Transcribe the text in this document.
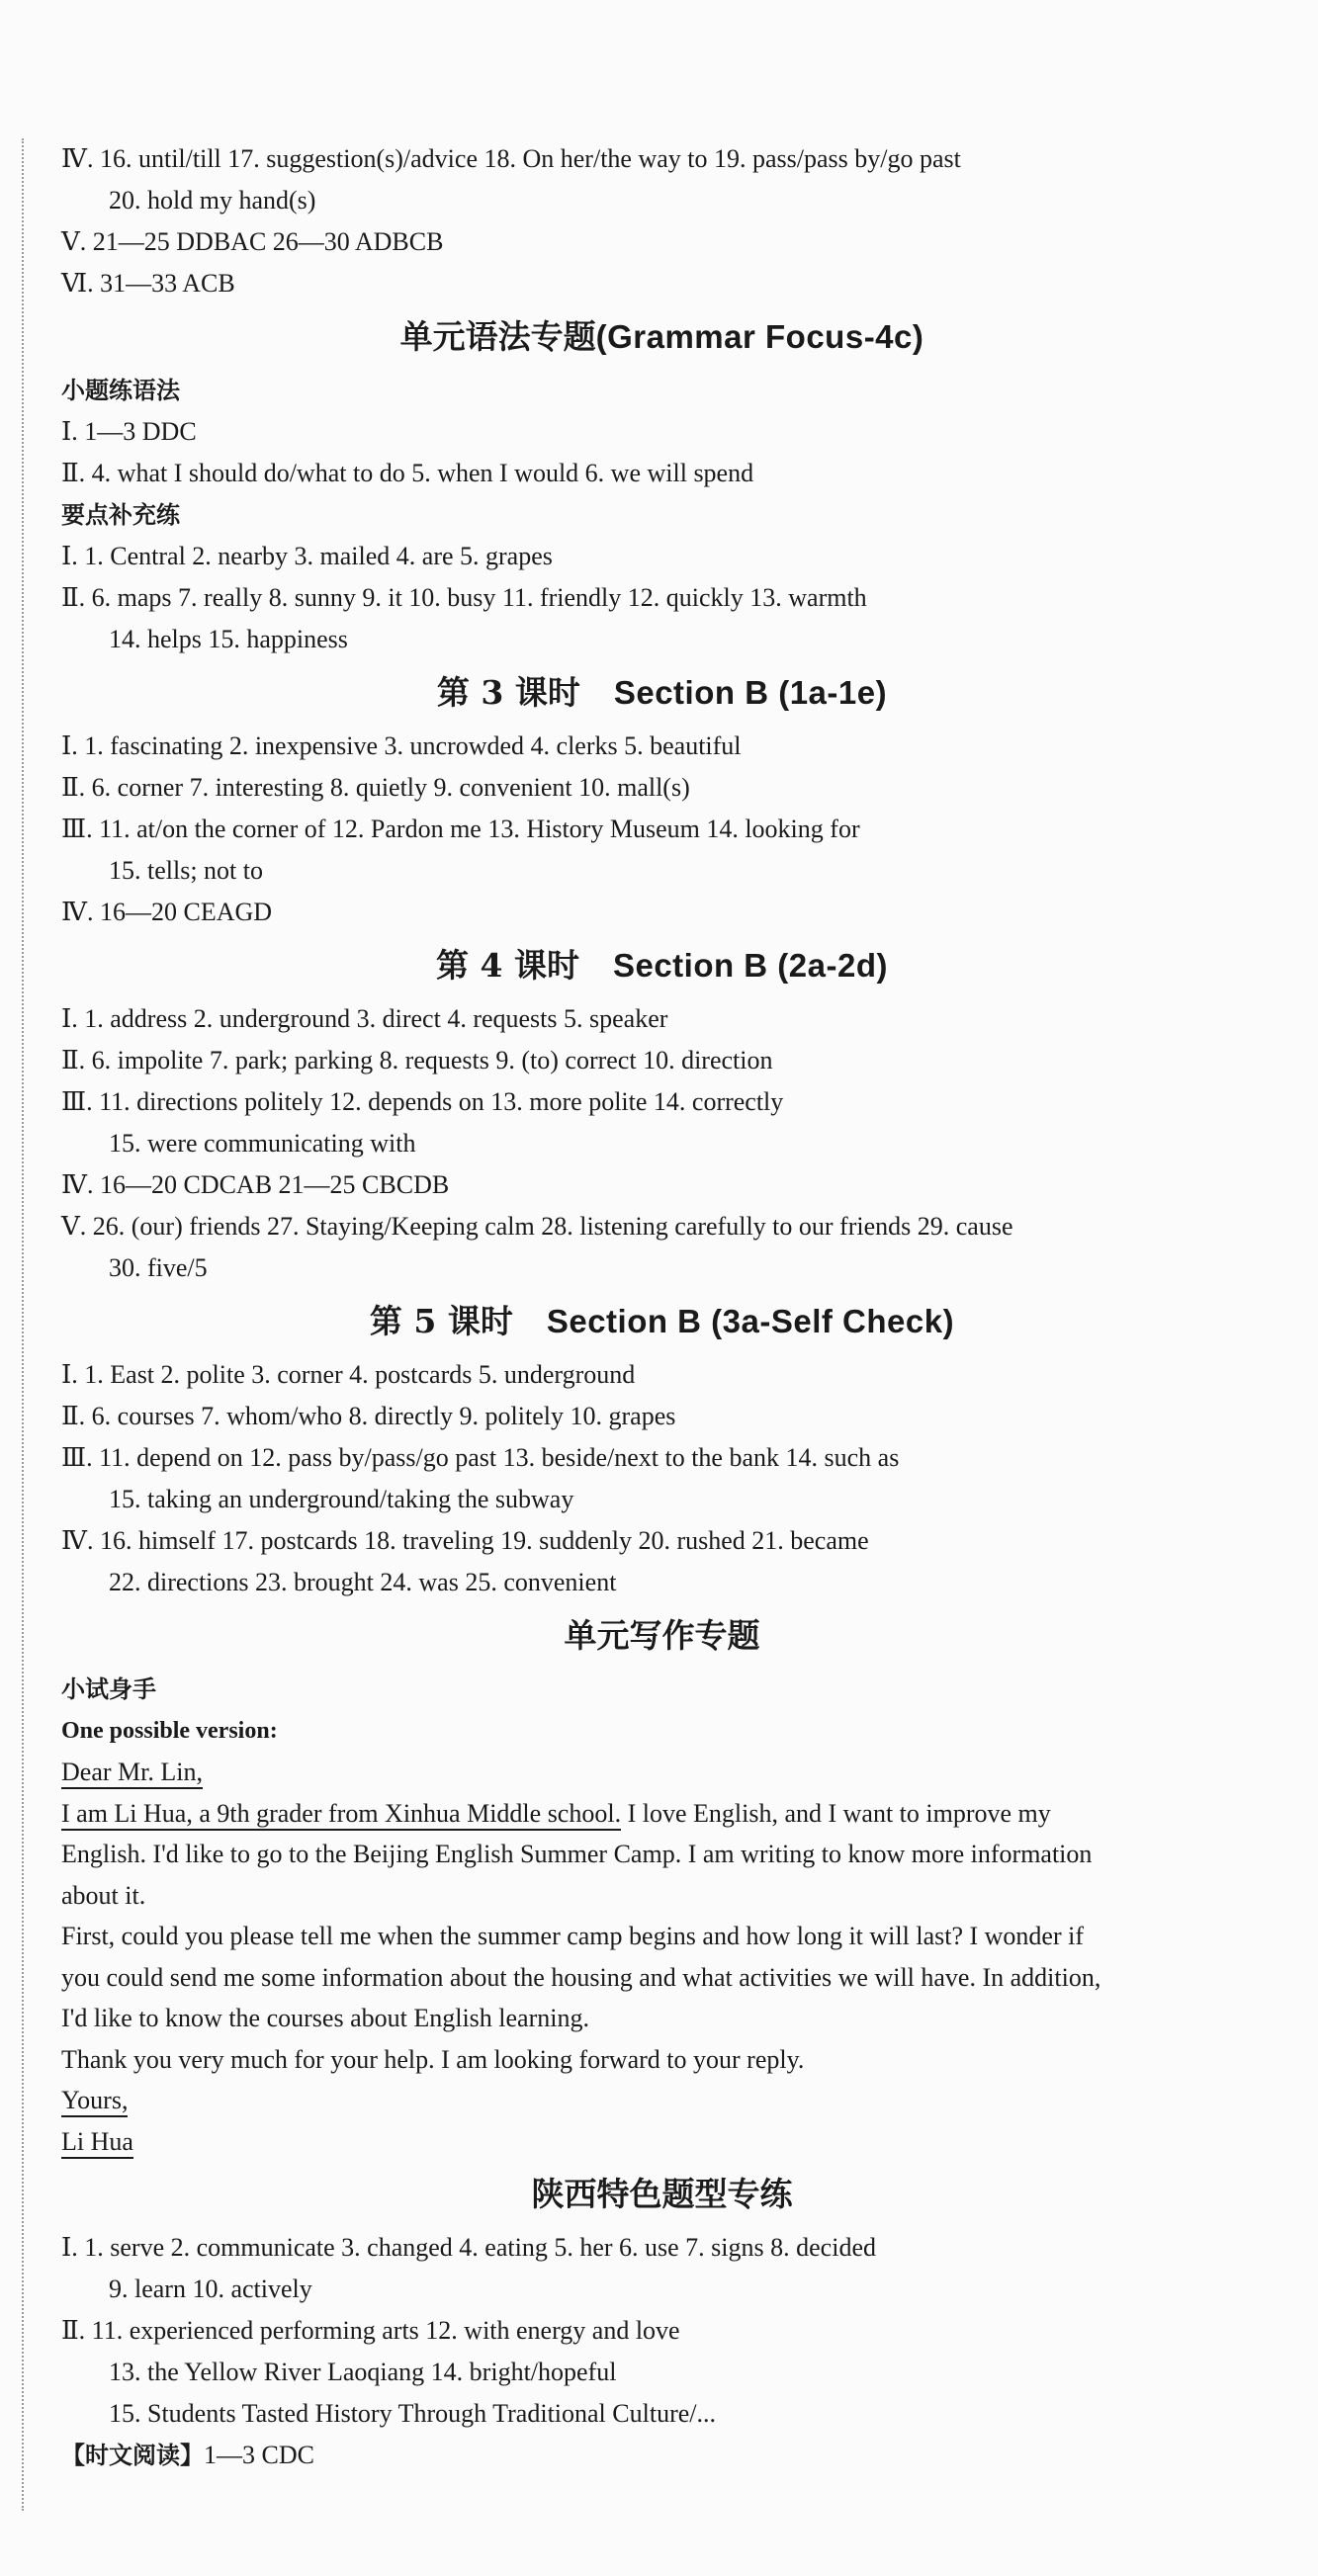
Ⅳ. 16. until/till 17. suggestion(s)/advice 18. On her/the way to 19. pass/pass by/go past
20. hold my hand(s)
Ⅴ. 21—25 DDBAC 26—30 ADBCB
Ⅵ. 31—33 ACB
单元语法专题(Grammar Focus-4c)
小题练语法
Ⅰ. 1—3 DDC
Ⅱ. 4. what I should do/what to do 5. when I would 6. we will spend
要点补充练
Ⅰ. 1. Central 2. nearby 3. mailed 4. are 5. grapes
Ⅱ. 6. maps 7. really 8. sunny 9. it 10. busy 11. friendly 12. quickly 13. warmth
14. helps 15. happiness
第 3 课时 Section B (1a-1e)
Ⅰ. 1. fascinating 2. inexpensive 3. uncrowded 4. clerks 5. beautiful
Ⅱ. 6. corner 7. interesting 8. quietly 9. convenient 10. mall(s)
Ⅲ. 11. at/on the corner of 12. Pardon me 13. History Museum 14. looking for
15. tells; not to
Ⅳ. 16—20 CEAGD
第 4 课时 Section B (2a-2d)
Ⅰ. 1. address 2. underground 3. direct 4. requests 5. speaker
Ⅱ. 6. impolite 7. park; parking 8. requests 9. (to) correct 10. direction
Ⅲ. 11. directions politely 12. depends on 13. more polite 14. correctly
15. were communicating with
Ⅳ. 16—20 CDCAB 21—25 CBCDB
Ⅴ. 26. (our) friends 27. Staying/Keeping calm 28. listening carefully to our friends 29. cause
30. five/5
第 5 课时 Section B (3a-Self Check)
Ⅰ. 1. East 2. polite 3. corner 4. postcards 5. underground
Ⅱ. 6. courses 7. whom/who 8. directly 9. politely 10. grapes
Ⅲ. 11. depend on 12. pass by/pass/go past 13. beside/next to the bank 14. such as
15. taking an underground/taking the subway
Ⅳ. 16. himself 17. postcards 18. traveling 19. suddenly 20. rushed 21. became
22. directions 23. brought 24. was 25. convenient
单元写作专题
小试身手
One possible version:

Dear Mr. Lin,

I am Li Hua, a 9th grader from Xinhua Middle school. I love English, and I want to improve my

English. I'd like to go to the Beijing English Summer Camp. I am writing to know more information

about it.

First, could you please tell me when the summer camp begins and how long it will last? I wonder if

you could send me some information about the housing and what activities we will have. In addition,

I'd like to know the courses about English learning.

Thank you very much for your help. I am looking forward to your reply.

Yours,

Li Hua

陕西特色题型专练
Ⅰ. 1. serve 2. communicate 3. changed 4. eating 5. her 6. use 7. signs 8. decided
9. learn 10. actively
Ⅱ. 11. experienced performing arts 12. with energy and love
13. the Yellow River Laoqiang 14. bright/hopeful
15. Students Tasted History Through Traditional Culture/...
【时文阅读】1—3 CDC
